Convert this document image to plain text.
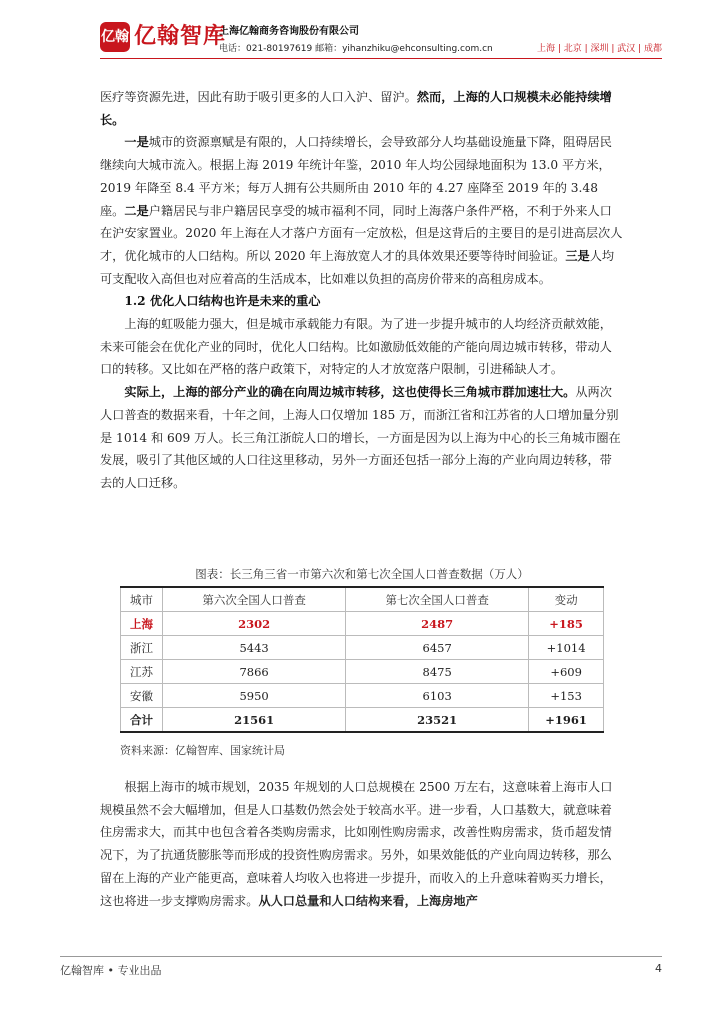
亿翰 亿翰智库
上海亿翰商务咨询股份有限公司
电话：021-80197619 邮箱：yihanzhiku@ehconsulting.com.cn	上海 | 北京 | 深圳 | 武汉 | 成都

医疗等资源先进，因此有助于吸引更多的人口入沪、留沪。然而，上海的人口规模未必能持续增长。

一是城市的资源禀赋是有限的，人口持续增长，会导致部分人均基础设施量下降，阻碍居民继续向大城市流入。根据上海 2019 年统计年鉴，2010 年人均公园绿地面积为 13.0 平方米，2019 年降至 8.4 平方米；每万人拥有公共厕所由 2010 年的 4.27 座降至 2019 年的 3.48 座。二是户籍居民与非户籍居民享受的城市福利不同，同时上海落户条件严格，不利于外来人口在沪安家置业。2020 年上海在人才落户方面有一定放松，但是这背后的主要目的是引进高层次人才，优化城市的人口结构。所以 2020 年上海放宽人才的具体效果还要等待时间验证。三是人均可支配收入高但也对应着高的生活成本，比如难以负担的高房价带来的高租房成本。

1.2 优化人口结构也许是未来的重心

上海的虹吸能力强大，但是城市承载能力有限。为了进一步提升城市的人均经济贡献效能，未来可能会在优化产业的同时，优化人口结构。比如激励低效能的产能向周边城市转移，带动人口的转移。又比如在严格的落户政策下，对特定的人才放宽落户限制，引进稀缺人才。

实际上，上海的部分产业的确在向周边城市转移，这也使得长三角城市群加速壮大。从两次人口普查的数据来看，十年之间，上海人口仅增加 185 万，而浙江省和江苏省的人口增加量分别是 1014 和 609 万人。长三角江浙皖人口的增长，一方面是因为以上海为中心的长三角城市圈在发展，吸引了其他区域的人口往这里移动，另外一方面还包括一部分上海的产业向周边转移，带去的人口迁移。

图表：长三角三省一市第六次和第七次全国人口普查数据（万人）
城市	第六次全国人口普查	第七次全国人口普查	变动
上海	2302	2487	+185
浙江	5443	6457	+1014
江苏	7866	8475	+609
安徽	5950	6103	+153
合计	21561	23521	+1961
资料来源：亿翰智库、国家统计局

根据上海市的城市规划，2035 年规划的人口总规模在 2500 万左右，这意味着上海市人口规模虽然不会大幅增加，但是人口基数仍然会处于较高水平。进一步看，人口基数大，就意味着住房需求大，而其中也包含着各类购房需求，比如刚性购房需求，改善性购房需求，货币超发情况下，为了抗通货膨胀等而形成的投资性购房需求。另外，如果效能低的产业向周边转移，那么留在上海的产业产能更高，意味着人均收入也将进一步提升，而收入的上升意味着购买力增长，这也将进一步支撑购房需求。从人口总量和人口结构来看，上海房地产

亿翰智库 • 专业出品	4
